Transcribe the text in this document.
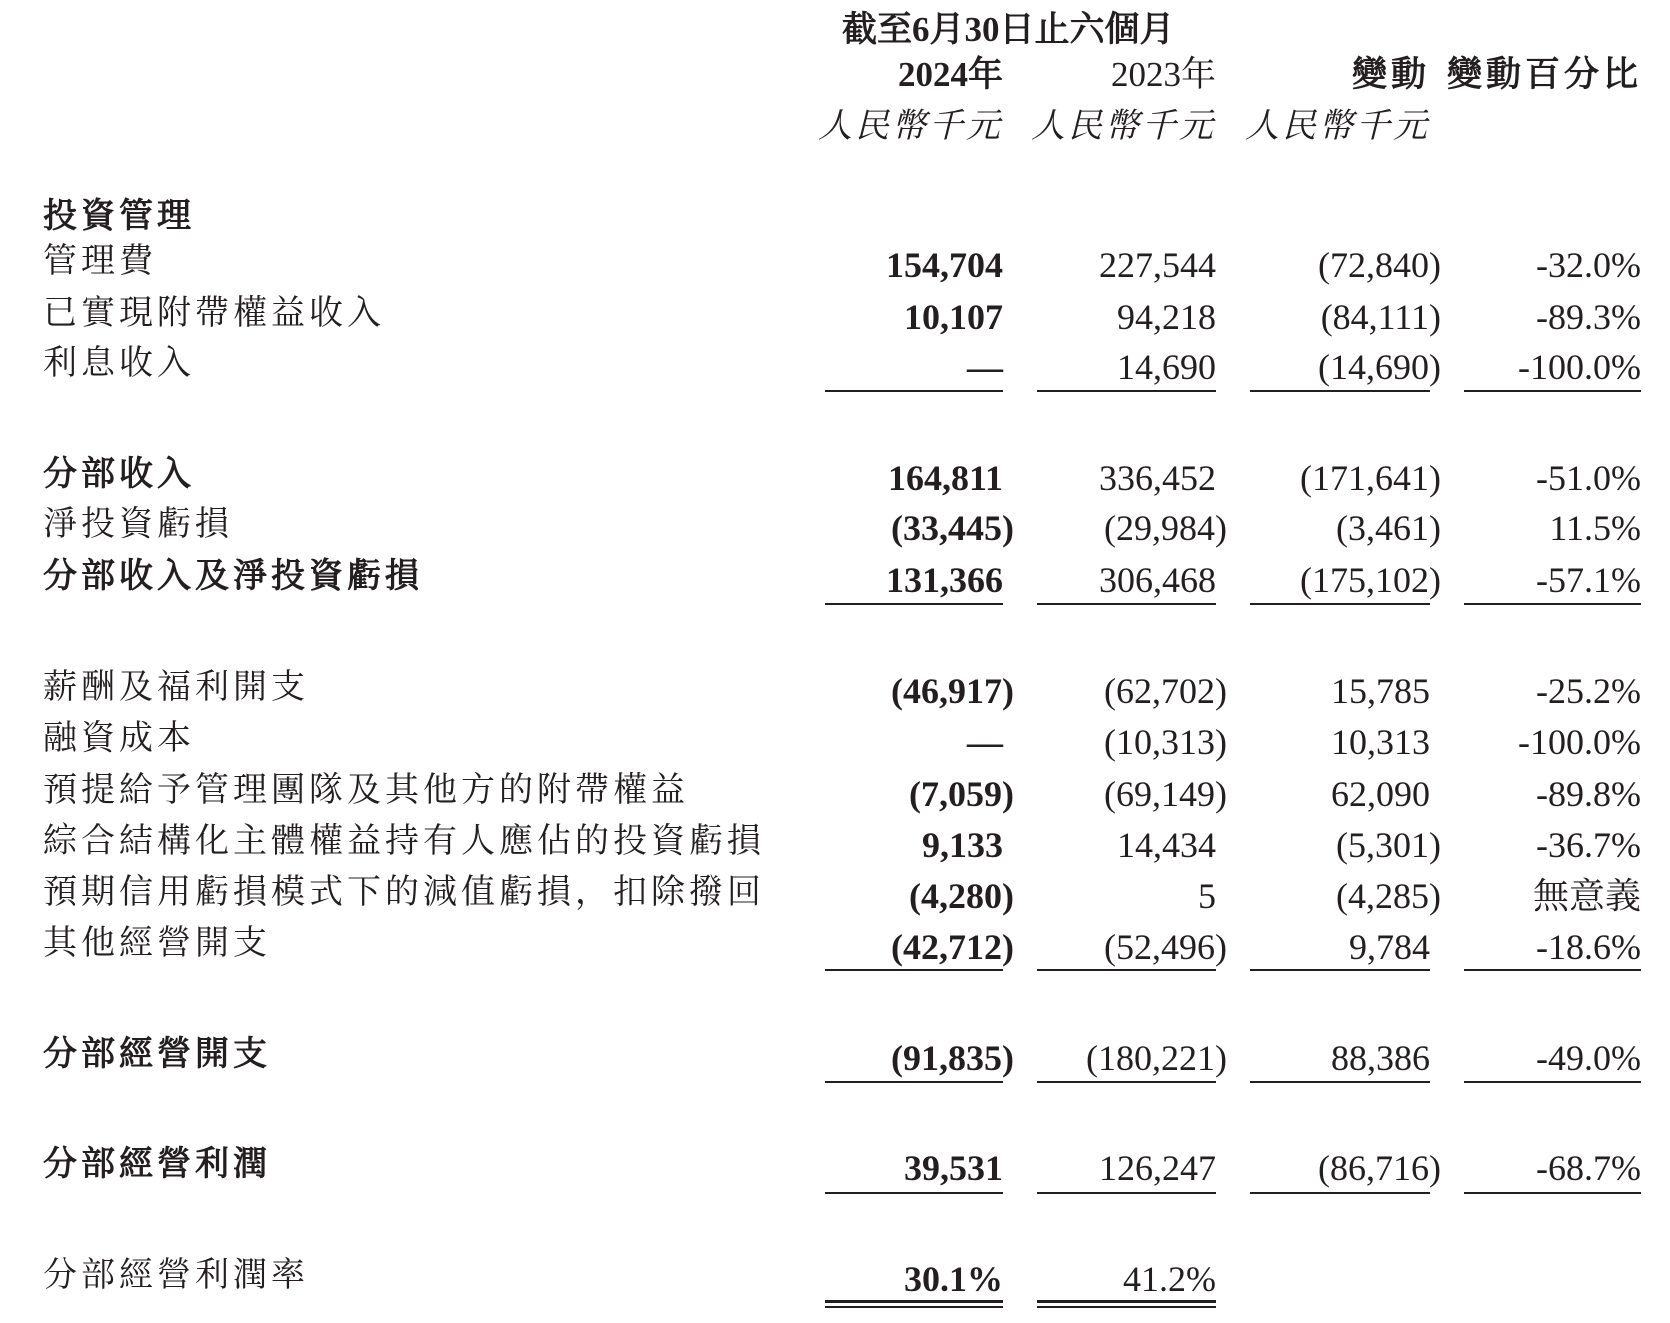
截至6月30日止六個月
2024年	2023年	變動 變動百分比
人民幣千元 人民幣千元 人民幣千元
投資管理
管理費	154,704	227,544	(72,840)	-32.0%
已實現附帶權益收入	10,107	94,218	(84,111)	-89.3%
利息收入	—	14,690	(14,690) -100.0%
分部收入	164,811	336,452 (171,641)	-51.0%
淨投資虧損	(33,445)	(29,984)	(3,461)	11.5%
分部收入及淨投資虧損	131,366	306,468 (175,102)	-57.1%
薪酬及福利開支	(46,917)	(62,702)	15,785	-25.2%
融資成本	—	(10,313)	10,313 -100.0%
預提給予管理團隊及其他方的附帶權益	(7,059)	(69,149)	62,090	-89.8%
綜合結構化主體權益持有人應佔的投資虧損	9,133	14,434	(5,301)	-36.7%
預期信用虧損模式下的減值虧損，扣除撥回	(4,280)	5	(4,285)	無意義
其他經營開支	(42,712)	(52,496)	9,784	-18.6%
分部經營開支	(91,835) (180,221)	88,386	-49.0%
分部經營利潤	39,531	126,247	(86,716)	-68.7%
分部經營利潤率	30.1%	41.2%
